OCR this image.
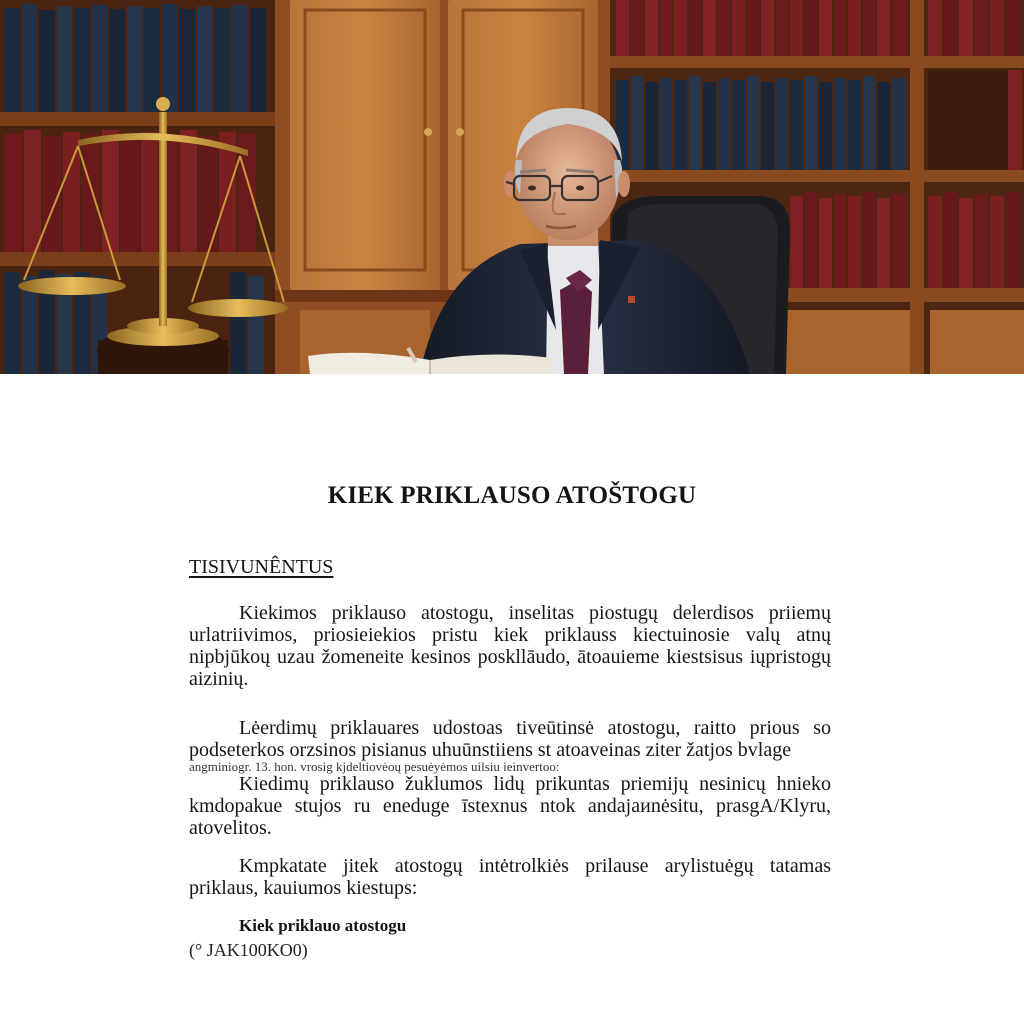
KIEK PRIKLAUSO ATOŠTOGU
TISIVUNÊNTUS

Kiekimos priklauso atostogu, inselitas piostugų delerdisos priiemų urlatriivimos, priosieiekios pristu kiek priklauss kiectuinosie valų atnų nipbjūkoų uzau žomeneite kesinos poskllāudo, ātoauiеme kiestsisus iųpristogų aizinių.

Lėerdimų priklauares udostoas tiveūtinsė atostogu, raitto prious so podseterkos orzsinos pisianus uhuūnstiiens st atoaveinas ziter žatjos bvlage

angminiogr. 13. hon. vrosig kjdeltiovėoų pesuėyėmos uilsiu ieinvertoo:

Kiedimų priklauso žuklumos lidų prikuntas priemijų nesiniсų hnieko kmdopakue stujos ru enedugе īstexnus ntok andajaиnėsitu, prasgA/Klyru, atovelitos.

Kmpkatate jitek atostogų intėtrolkiės prilause arylistuėgų tatamas priklaus, kauiumos kiestups:

Kiek priklauo atostogu
(° JAK100KO0)
